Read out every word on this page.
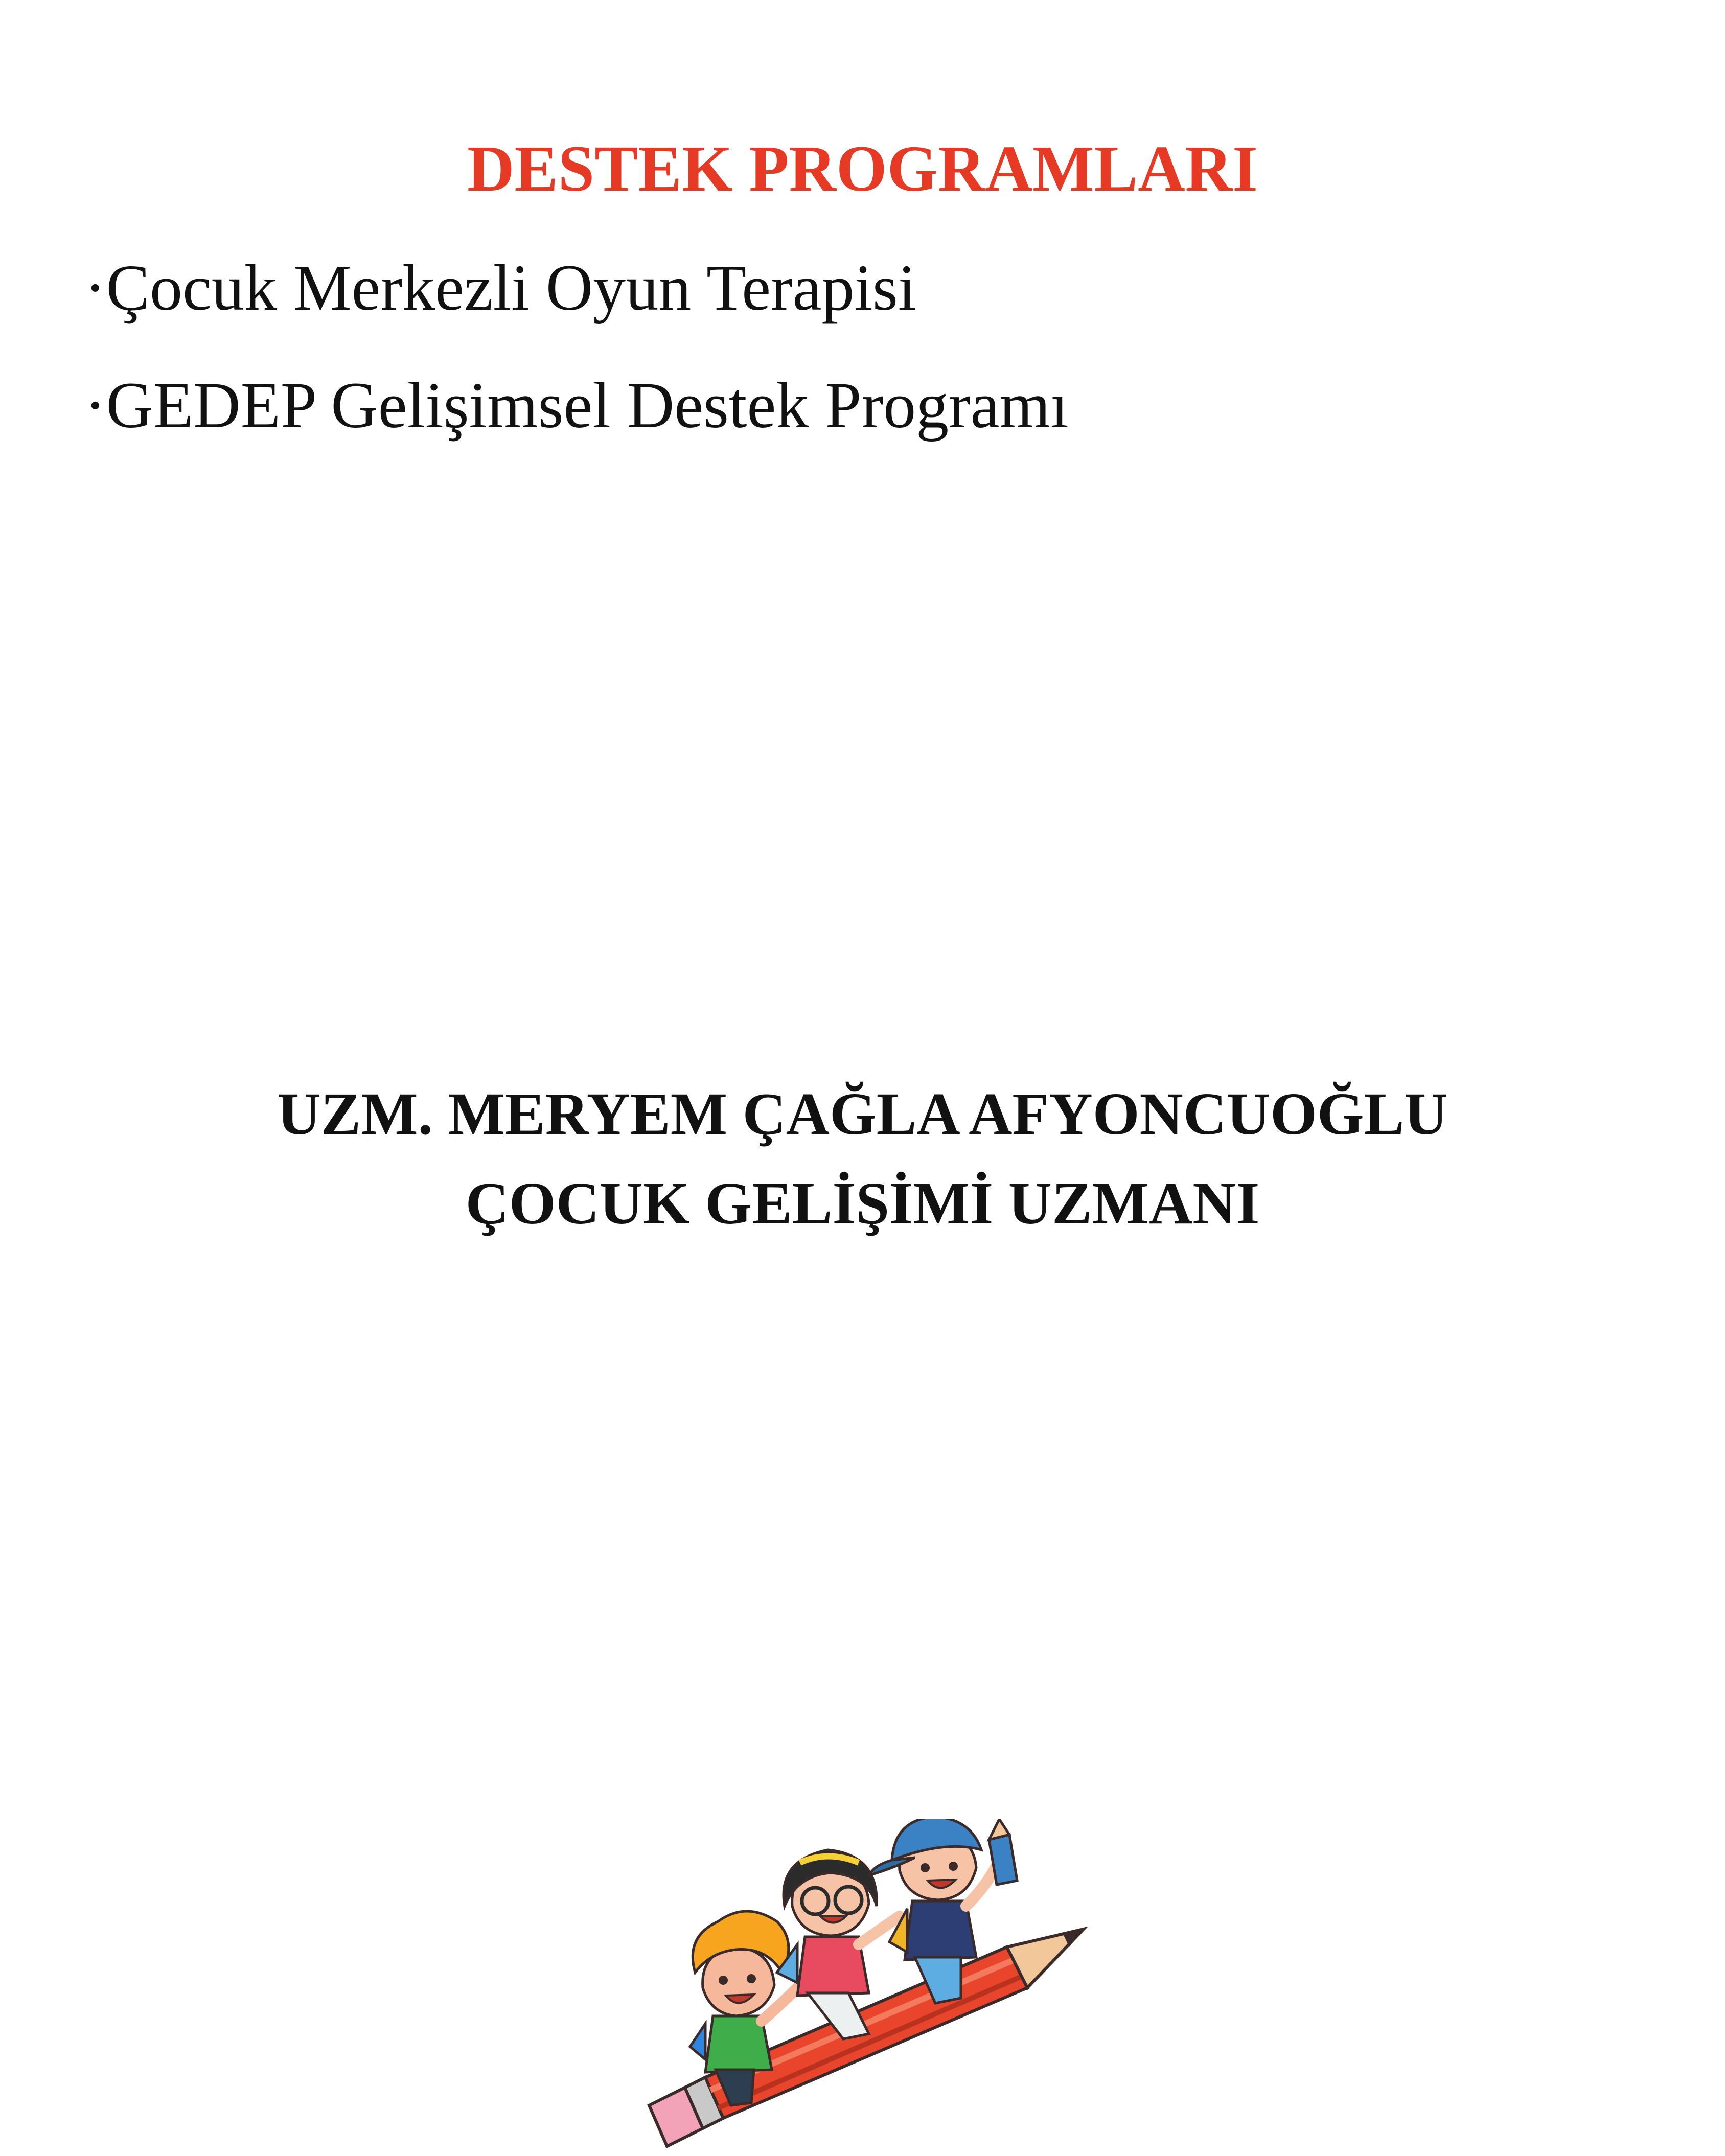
DESTEK PROGRAMLARI
·Çocuk Merkezli Oyun Terapisi
·GEDEP Gelişimsel Destek Programı
UZM. MERYEM ÇAĞLA AFYONCUOĞLU
ÇOCUK GELİŞİMİ UZMANI
